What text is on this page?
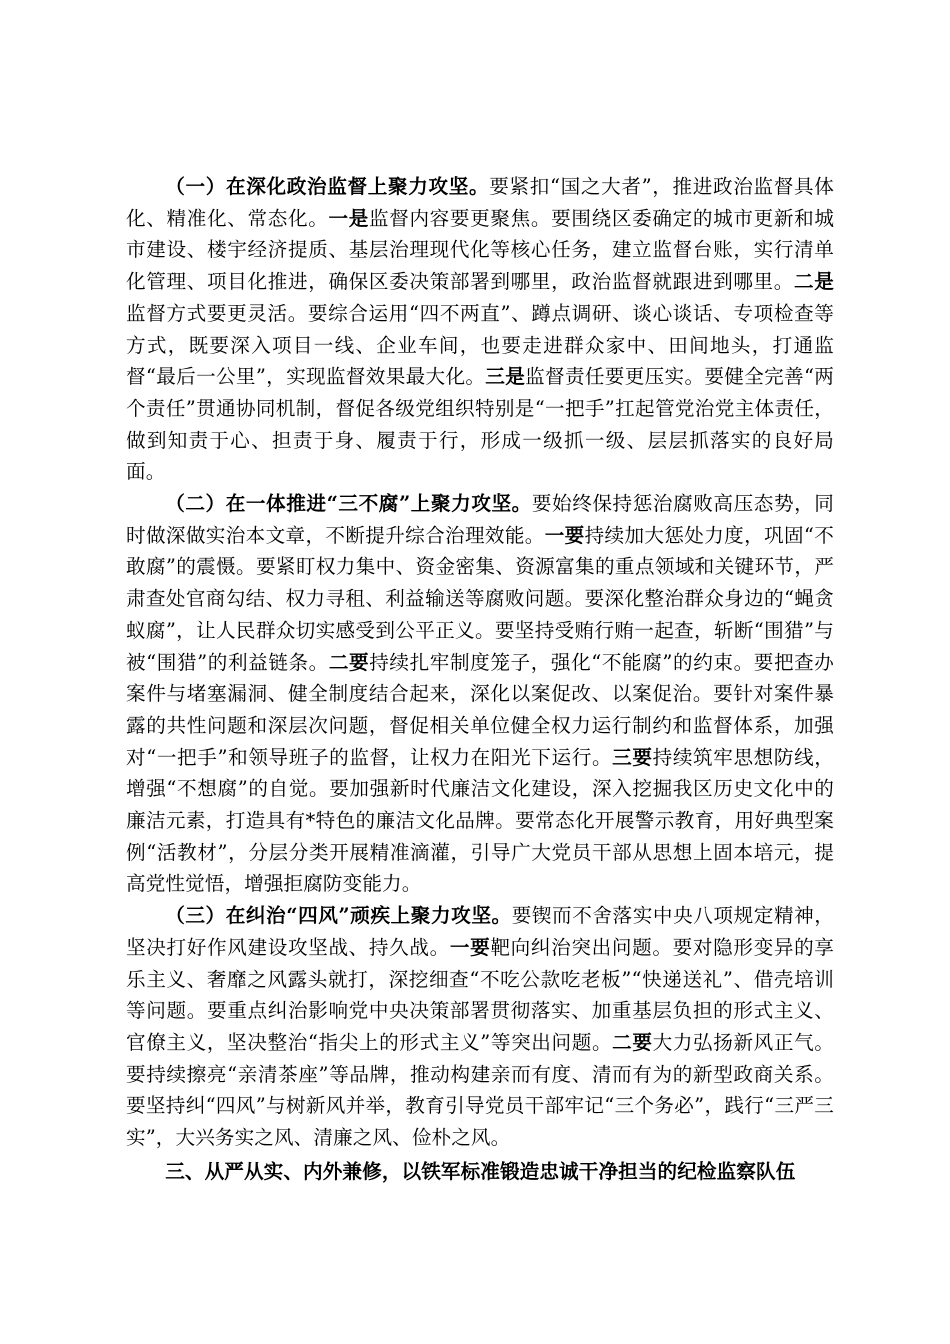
（一）在深化政治监督上聚力攻坚。要紧扣“国之大者”，推进政治监督具体化、精准化、常态化。一是监督内容要更聚焦。要围绕区委确定的城市更新和城市建设、楼宇经济提质、基层治理现代化等核心任务，建立监督台账，实行清单化管理、项目化推进，确保区委决策部署到哪里，政治监督就跟进到哪里。二是监督方式要更灵活。要综合运用“四不两直”、蹲点调研、谈心谈话、专项检查等方式，既要深入项目一线、企业车间，也要走进群众家中、田间地头，打通监督“最后一公里”，实现监督效果最大化。三是监督责任要更压实。要健全完善“两个责任”贯通协同机制，督促各级党组织特别是“一把手”扛起管党治党主体责任，做到知责于心、担责于身、履责于行，形成一级抓一级、层层抓落实的良好局面。

（二）在一体推进“三不腐”上聚力攻坚。要始终保持惩治腐败高压态势，同时做深做实治本文章，不断提升综合治理效能。一要持续加大惩处力度，巩固“不敢腐”的震慑。要紧盯权力集中、资金密集、资源富集的重点领域和关键环节，严肃查处官商勾结、权力寻租、利益输送等腐败问题。要深化整治群众身边的“蝇贪蚁腐”，让人民群众切实感受到公平正义。要坚持受贿行贿一起查，斩断“围猎”与被“围猎”的利益链条。二要持续扎牢制度笼子，强化“不能腐”的约束。要把查办案件与堵塞漏洞、健全制度结合起来，深化以案促改、以案促治。要针对案件暴露的共性问题和深层次问题，督促相关单位健全权力运行制约和监督体系，加强对“一把手”和领导班子的监督，让权力在阳光下运行。三要持续筑牢思想防线，增强“不想腐”的自觉。要加强新时代廉洁文化建设，深入挖掘我区历史文化中的廉洁元素，打造具有*特色的廉洁文化品牌。要常态化开展警示教育，用好典型案例“活教材”，分层分类开展精准滴灌，引导广大党员干部从思想上固本培元，提高党性觉悟，增强拒腐防变能力。

（三）在纠治“四风”顽疾上聚力攻坚。要锲而不舍落实中央八项规定精神，坚决打好作风建设攻坚战、持久战。一要靶向纠治突出问题。要对隐形变异的享乐主义、奢靡之风露头就打，深挖细查“不吃公款吃老板”“快递送礼”、借壳培训等问题。要重点纠治影响党中央决策部署贯彻落实、加重基层负担的形式主义、官僚主义，坚决整治“指尖上的形式主义”等突出问题。二要大力弘扬新风正气。要持续擦亮“亲清茶座”等品牌，推动构建亲而有度、清而有为的新型政商关系。要坚持纠“四风”与树新风并举，教育引导党员干部牢记“三个务必”，践行“三严三实”，大兴务实之风、清廉之风、俭朴之风。

三、从严从实、内外兼修，以铁军标准锻造忠诚干净担当的纪检监察队伍
